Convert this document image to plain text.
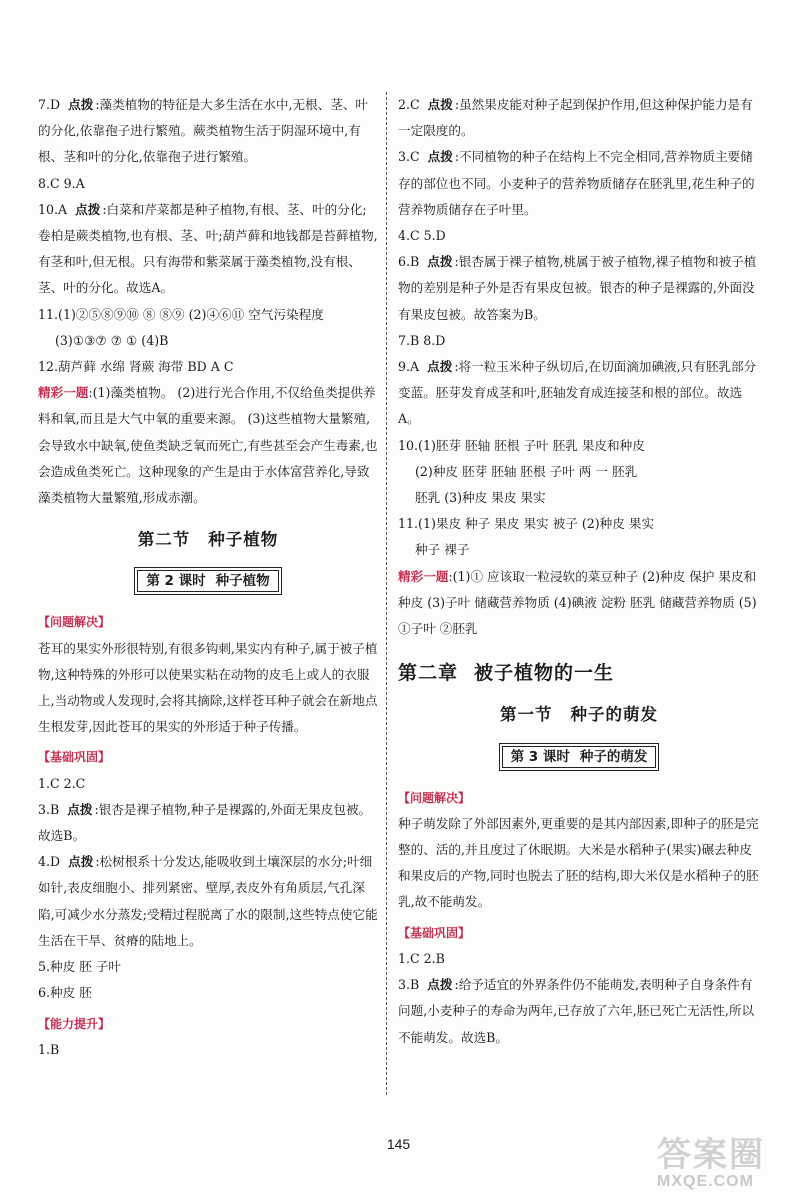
7.D 点拨 :藻类植物的特征是大多生活在水中,无根、茎、叶的分化,依靠孢子进行繁殖。蕨类植物生活于阴湿环境中,有根、茎和叶的分化,依靠孢子进行繁殖。

8.C 9.A

10.A 点拨 :白菜和芹菜都是种子植物,有根、茎、叶的分化;卷柏是蕨类植物,也有根、茎、叶;葫芦藓和地钱都是苔藓植物,有茎和叶,但无根。只有海带和紫菜属于藻类植物,没有根、茎、叶的分化。故选A。

11.(1)②⑤⑧⑨⑩ ⑧ ⑧⑨ (2)④⑥⑪ 空气污染程度

(3)①③⑦ ⑦ ① (4)B

12.葫芦藓 水绵 肾蕨 海带 BD A C

精彩一题:(1)藻类植物。 (2)进行光合作用,不仅给鱼类提供养料和氧,而且是大气中氧的重要来源。 (3)这些植物大量繁殖,会导致水中缺氧,使鱼类缺乏氧而死亡,有些甚至会产生毒素,也会造成鱼类死亡。这种现象的产生是由于水体富营养化,导致藻类植物大量繁殖,形成赤潮。

第二节 种子植物
第 2 课时 种子植物

【问题解决】

苍耳的果实外形很特别,有很多钩刺,果实内有种子,属于被子植物,这种特殊的外形可以使果实粘在动物的皮毛上或人的衣服上,当动物或人发现时,会将其摘除,这样苍耳种子就会在新地点生根发芽,因此苍耳的果实的外形适于种子传播。

【基础巩固】

1.C 2.C

3.B 点拨 :银杏是裸子植物,种子是裸露的,外面无果皮包被。故选B。

4.D 点拨 :松树根系十分发达,能吸收到土壤深层的水分;叶细如针,表皮细胞小、排列紧密、壁厚,表皮外有角质层,气孔深陷,可减少水分蒸发;受精过程脱离了水的限制,这些特点使它能生活在干旱、贫瘠的陆地上。

5.种皮 胚 子叶

6.种皮 胚

【能力提升】

1.B

2.C 点拨 :虽然果皮能对种子起到保护作用,但这种保护能力是有一定限度的。

3.C 点拨 :不同植物的种子在结构上不完全相同,营养物质主要储存的部位也不同。小麦种子的营养物质储存在胚乳里,花生种子的营养物质储存在子叶里。

4.C 5.D

6.B 点拨 :银杏属于裸子植物,桃属于被子植物,裸子植物和被子植物的差别是种子外是否有果皮包被。银杏的种子是裸露的,外面没有果皮包被。故答案为B。

7.B 8.D

9.A 点拨 :将一粒玉米种子纵切后,在切面滴加碘液,只有胚乳部分变蓝。胚芽发育成茎和叶,胚轴发育成连接茎和根的部位。故选A。

10.(1)胚芽 胚轴 胚根 子叶 胚乳 果皮和种皮

(2)种皮 胚芽 胚轴 胚根 子叶 两 一 胚乳

胚乳 (3)种皮 果皮 果实

11.(1)果皮 种子 果皮 果实 被子 (2)种皮 果实

种子 裸子

精彩一题:(1)① 应该取一粒浸软的菜豆种子 (2)种皮 保护 果皮和种皮 (3)子叶 储藏营养物质 (4)碘液 淀粉 胚乳 储藏营养物质 (5)①子叶 ②胚乳

第二章 被子植物的一生
第一节 种子的萌发
第 3 课时 种子的萌发

【问题解决】

种子萌发除了外部因素外,更重要的是其内部因素,即种子的胚是完整的、活的,并且度过了休眠期。大米是水稻种子(果实)碾去种皮和果皮后的产物,同时也脱去了胚的结构,即大米仅是水稻种子的胚乳,故不能萌发。

【基础巩固】

1.C 2.B

3.B 点拨 :给予适宜的外界条件仍不能萌发,表明种子自身条件有问题,小麦种子的寿命为两年,已存放了六年,胚已死亡无活性,所以不能萌发。故选B。

145	答案圈
MXQE.COM
